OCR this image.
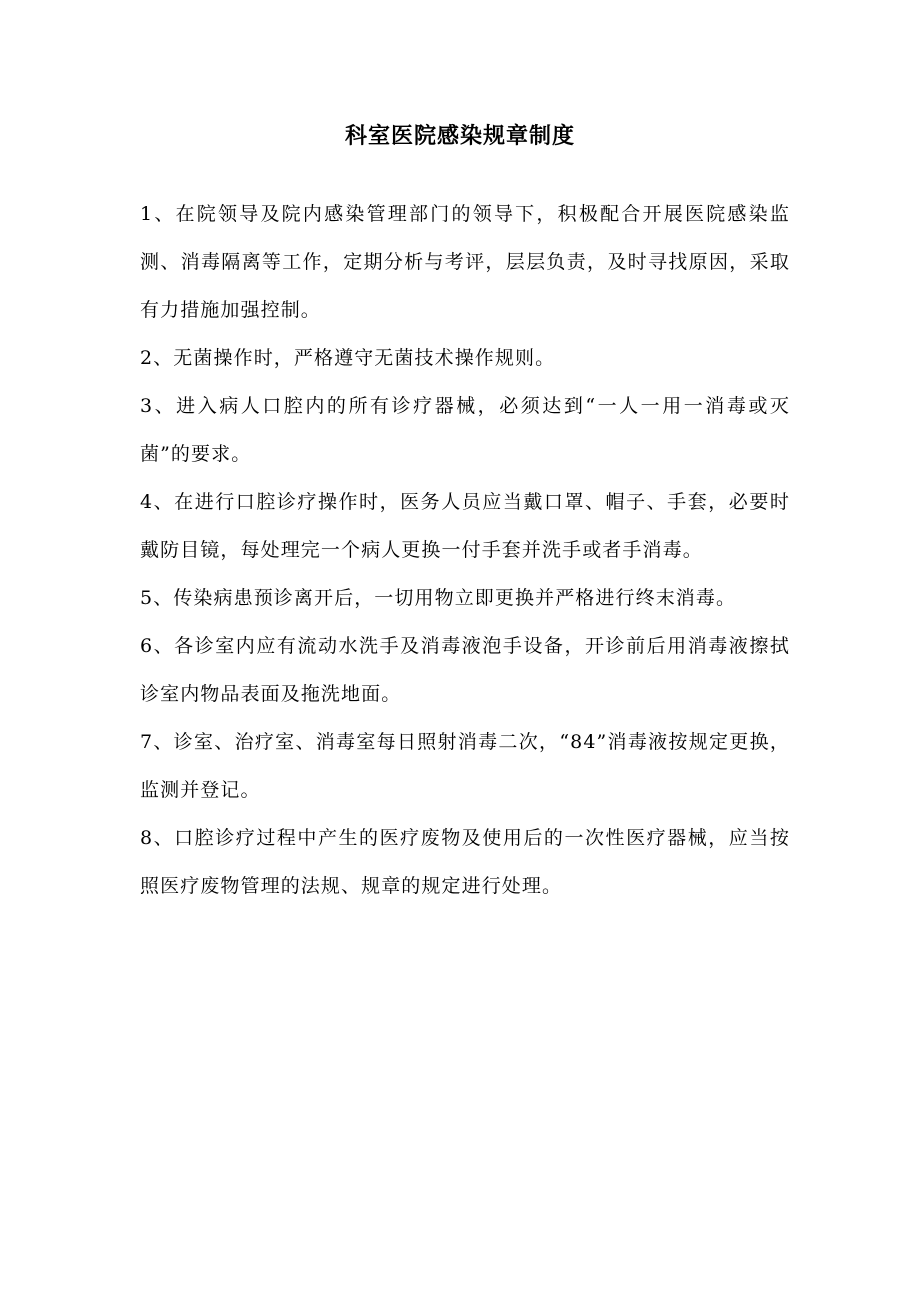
科室医院感染规章制度
1、在院领导及院内感染管理部门的领导下，积极配合开展医院感染监测、消毒隔离等工作，定期分析与考评，层层负责，及时寻找原因，采取有力措施加强控制。
2、无菌操作时，严格遵守无菌技术操作规则。
3、进入病人口腔内的所有诊疗器械，必须达到“一人一用一消毒或灭菌”的要求。
4、在进行口腔诊疗操作时，医务人员应当戴口罩、帽子、手套，必要时戴防目镜，每处理完一个病人更换一付手套并洗手或者手消毒。
5、传染病患预诊离开后，一切用物立即更换并严格进行终末消毒。
6、各诊室内应有流动水洗手及消毒液泡手设备，开诊前后用消毒液擦拭诊室内物品表面及拖洗地面。
7、诊室、治疗室、消毒室每日照射消毒二次，“84”消毒液按规定更换，监测并登记。
8、口腔诊疗过程中产生的医疗废物及使用后的一次性医疗器械，应当按照医疗废物管理的法规、规章的规定进行处理。
